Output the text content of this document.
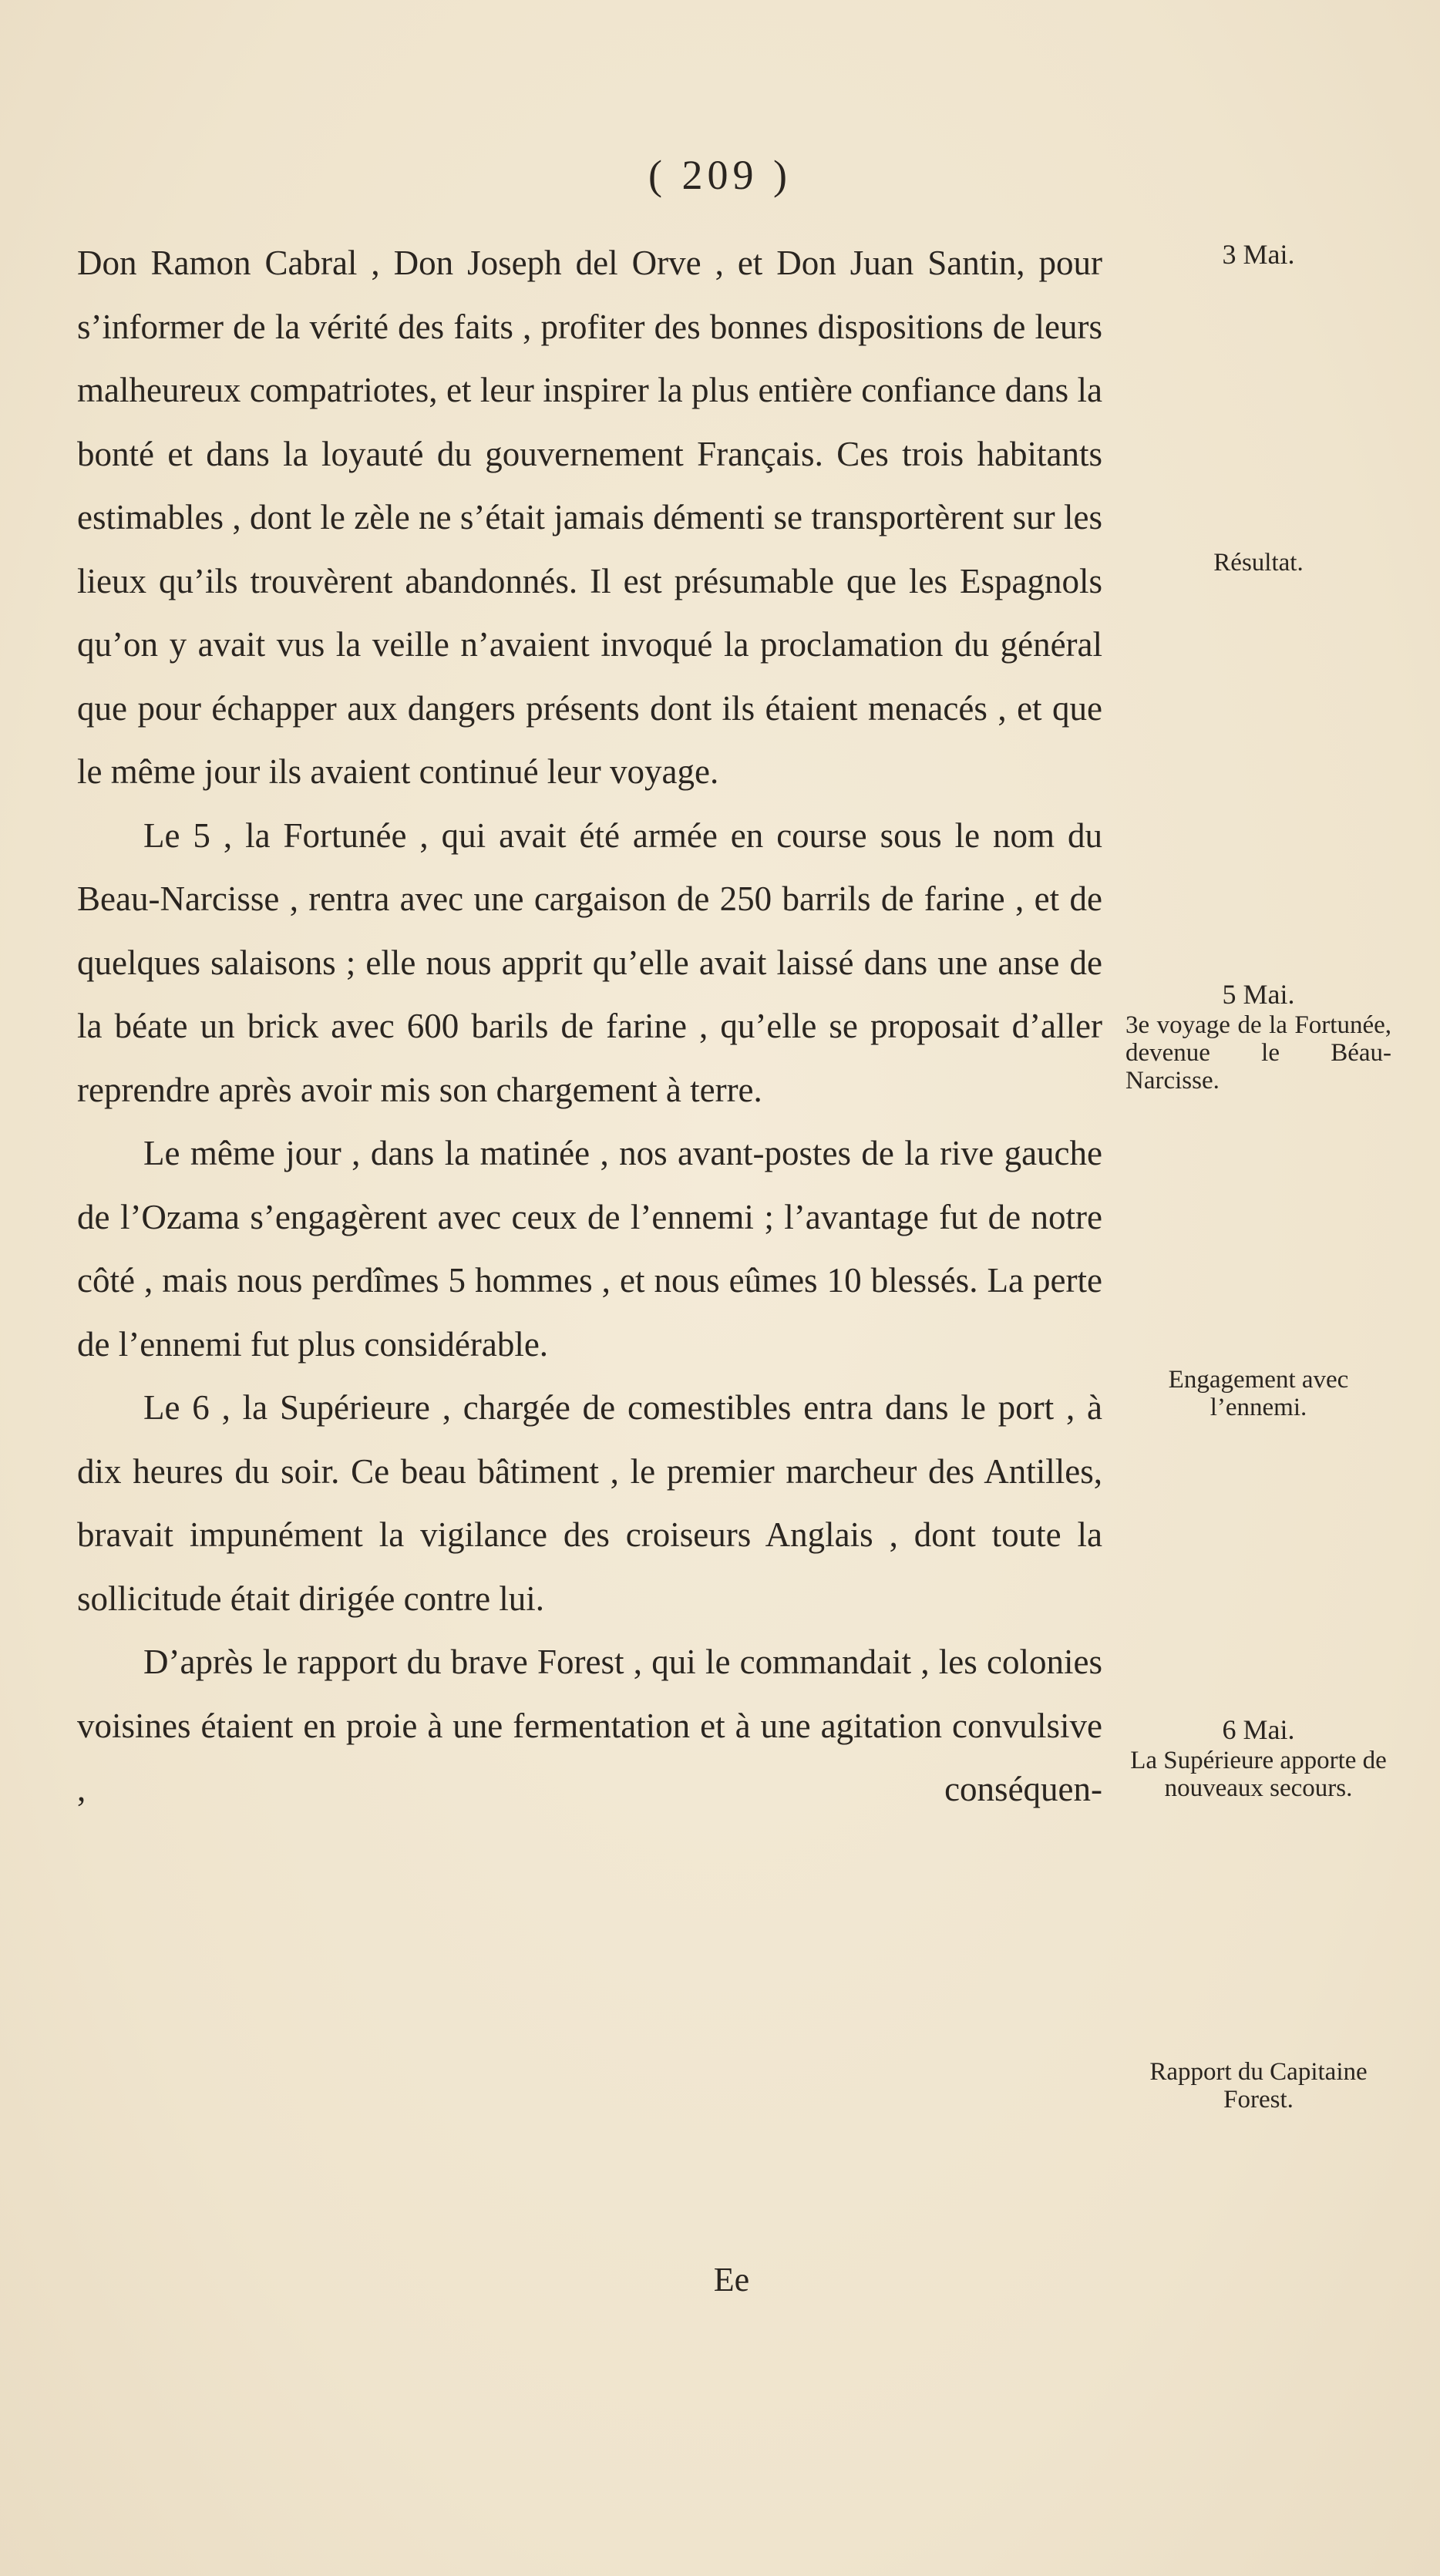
( 209 )

Don Ramon Cabral , Don Joseph del Orve , et Don Juan Santin, pour s’informer de la vérité des faits , profiter des bonnes dispositions de leurs malheureux compatriotes, et leur inspirer la plus entière confiance dans la bonté et dans la loyauté du gouvernement Français. Ces trois habitants estimables , dont le zèle ne s’était jamais démenti se transportèrent sur les lieux qu’ils trouvèrent abandonnés. Il est présumable que les Espagnols qu’on y avait vus la veille n’avaient invoqué la proclamation du général que pour échapper aux dangers présents dont ils étaient menacés , et que le même jour ils avaient continué leur voyage.

Le 5 , la Fortunée , qui avait été armée en course sous le nom du Beau-Narcisse , rentra avec une cargaison de 250 barrils de farine , et de quelques salaisons ; elle nous apprit qu’elle avait laissé dans une anse de la béate un brick avec 600 barils de farine , qu’elle se proposait d’aller reprendre après avoir mis son chargement à terre.

Le même jour , dans la matinée , nos avant-postes de la rive gauche de l’Ozama s’engagèrent avec ceux de l’ennemi ; l’avantage fut de notre côté , mais nous perdîmes 5 hommes , et nous eûmes 10 blessés. La perte de l’ennemi fut plus considérable.

Le 6 , la Supérieure , chargée de comestibles entra dans le port , à dix heures du soir. Ce beau bâtiment , le premier marcheur des Antilles, bravait impunément la vigilance des croiseurs Anglais , dont toute la sollicitude était dirigée contre lui.

D’après le rapport du brave Forest , qui le commandait , les colonies voisines étaient en proie à une fermentation et à une agitation convulsive , conséquen-

3 Mai.
Résultat.
5 Mai.
3e voyage de la Fortunée, devenue le Béau-Narcisse.
Engagement avec l’ennemi.
6 Mai.
La Supérieure apporte de nouveaux secours.
Rapport du Capitaine Forest.
Ee
